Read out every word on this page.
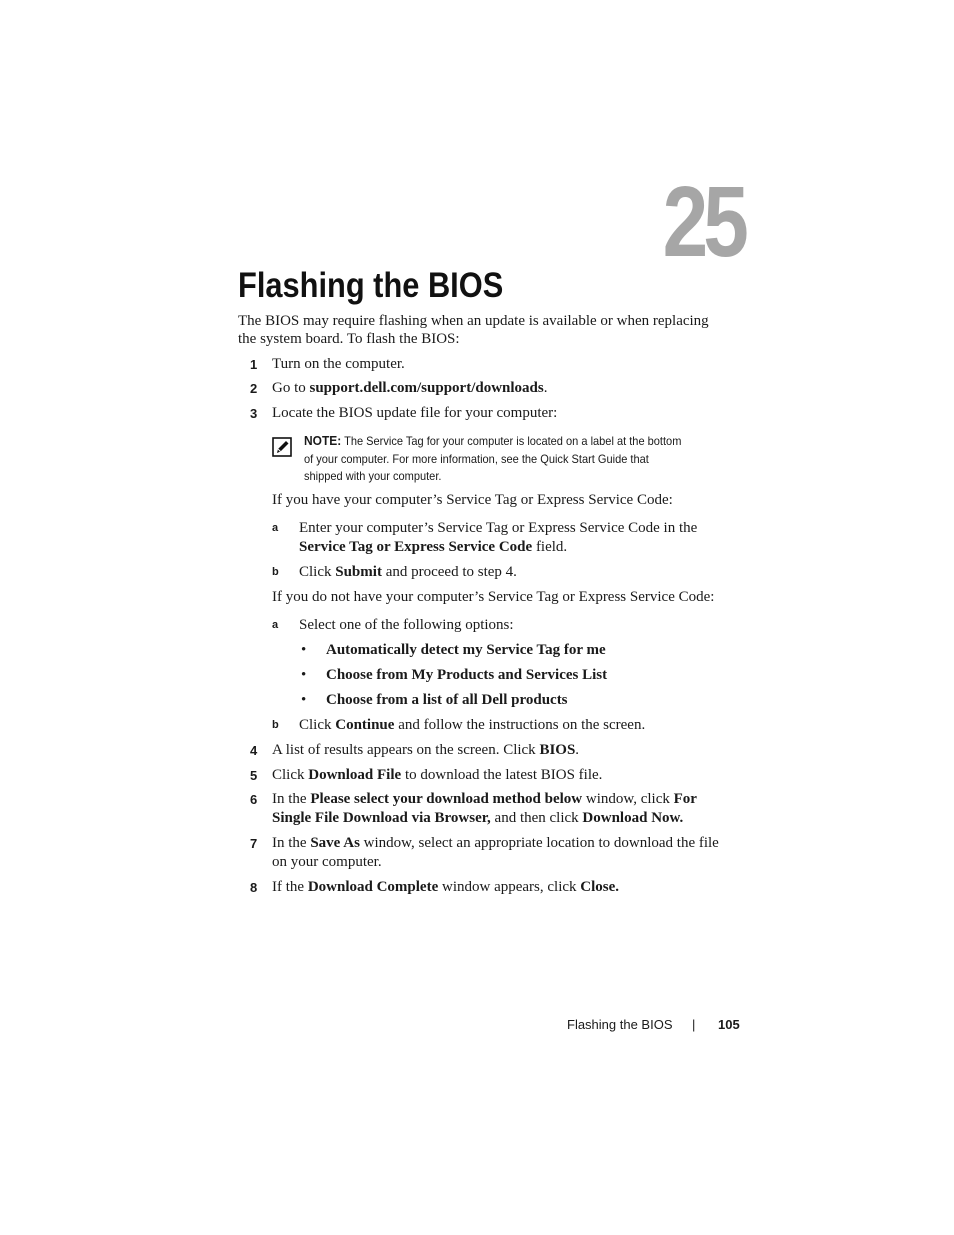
25
Flashing the BIOS
The BIOS may require flashing when an update is available or when replacing
the system board. To flash the BIOS:
1 Turn on the computer.
2 Go to support.dell.com/support/downloads.
3 Locate the BIOS update file for your computer:
NOTE: The Service Tag for your computer is located on a label at the bottom
of your computer. For more information, see the Quick Start Guide that
shipped with your computer.
If you have your computer’s Service Tag or Express Service Code:
a Enter your computer’s Service Tag or Express Service Code in the
Service Tag or Express Service Code field.
b Click Submit and proceed to step 4.
If you do not have your computer’s Service Tag or Express Service Code:
a Select one of the following options:
• Automatically detect my Service Tag for me
• Choose from My Products and Services List
• Choose from a list of all Dell products
b Click Continue and follow the instructions on the screen.
4 A list of results appears on the screen. Click BIOS.
5 Click Download File to download the latest BIOS file.
6 In the Please select your download method below window, click For
Single File Download via Browser, and then click Download Now.
7 In the Save As window, select an appropriate location to download the file
on your computer.
8 If the Download Complete window appears, click Close.
Flashing the BIOS | 105
